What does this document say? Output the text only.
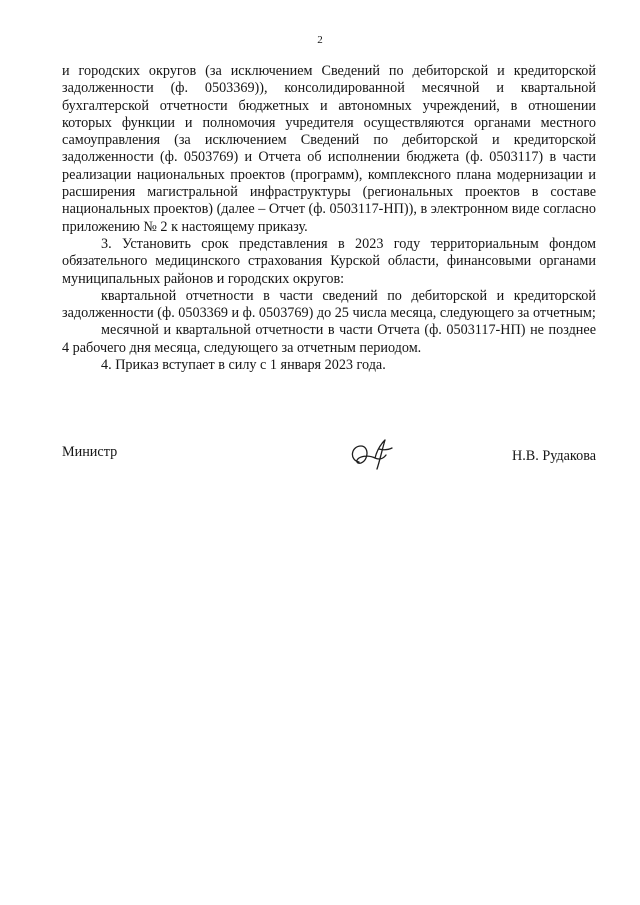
2

и городских округов (за исключением Сведений по дебиторской и кредиторской задолженности (ф. 0503369)), консолидированной месячной и квартальной бухгалтерской отчетности бюджетных и автономных учреждений, в отношении которых функции и полномочия учредителя осуществляются органами местного самоуправления (за исключением Сведений по дебиторской и кредиторской задолженности (ф. 0503769) и Отчета об исполнении бюджета (ф. 0503117) в части реализации национальных проектов (программ), комплексного плана модернизации и расширения магистральной инфраструктуры (региональных проектов в составе национальных проектов) (далее – Отчет (ф. 0503117-НП)), в электронном виде согласно приложению № 2 к настоящему приказу.

3. Установить срок представления в 2023 году территориальным фондом обязательного медицинского страхования Курской области, финансовыми органами муниципальных районов и городских округов:

квартальной отчетности в части сведений по дебиторской и кредиторской задолженности (ф. 0503369 и ф. 0503769) до 25 числа месяца, следующего за отчетным;

месячной и квартальной отчетности в части Отчета (ф. 0503117-НП) не позднее 4 рабочего дня месяца, следующего за отчетным периодом.

4. Приказ вступает в силу с 1 января 2023 года.

Министр	Н.В. Рудакова
